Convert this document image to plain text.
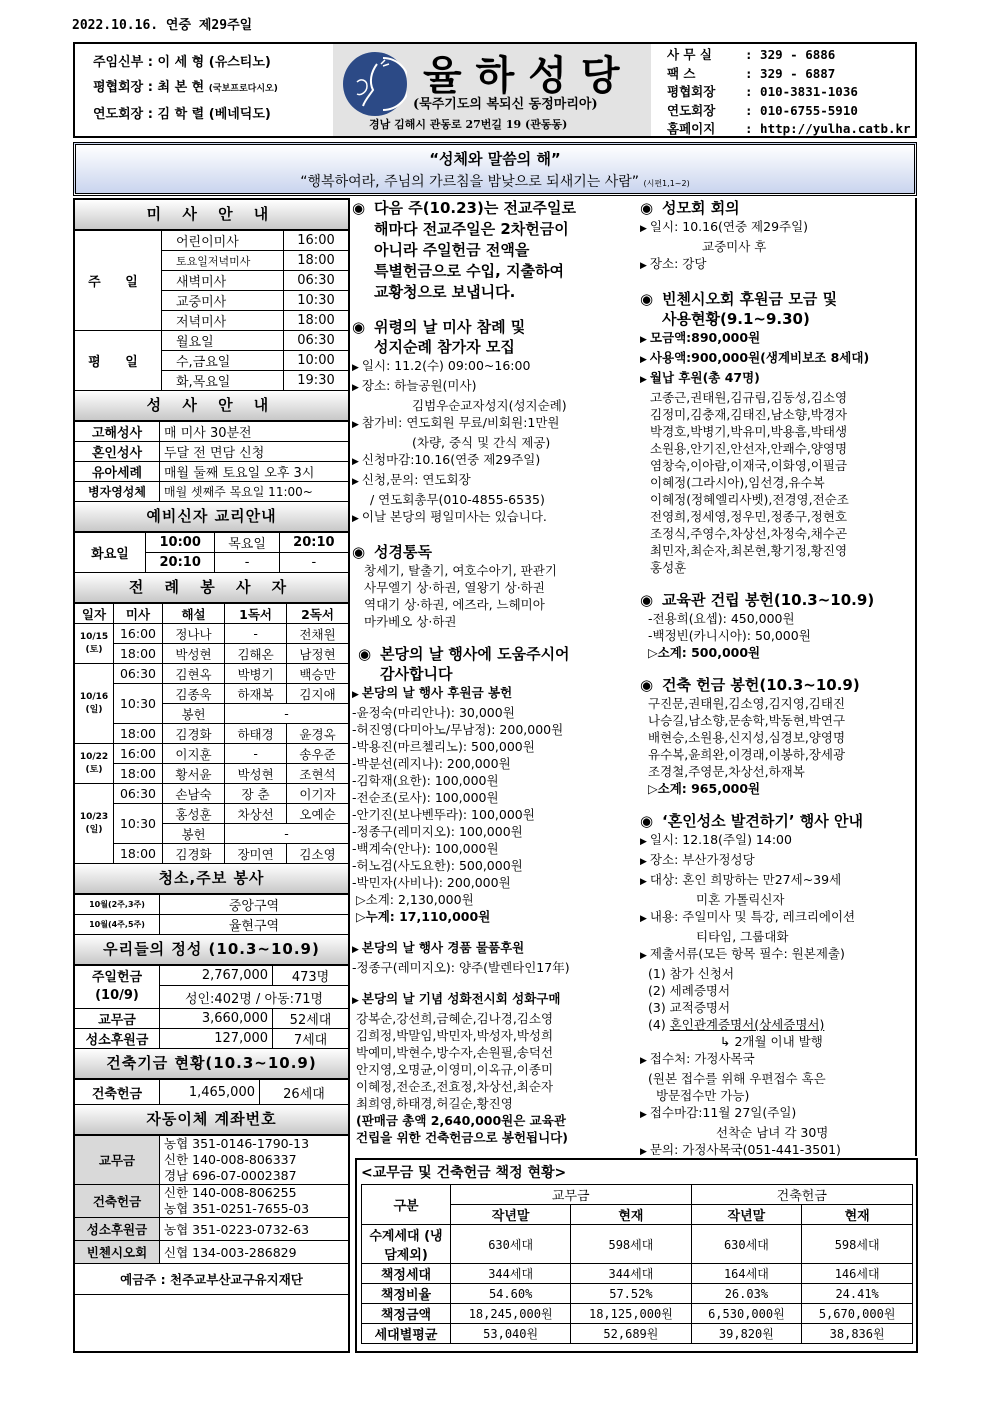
2022.10.16. 연중 제29주일
주임신부 : 이 세 형 (유스티노)
평협회장 : 최 본 현 (국보프로다시오)
연도회장 : 김 학 렬 (베네딕도)
율하성당
(묵주기도의 복되신 동정마리아)
경남 김해시 관동로 27번길 19 (관동동)
사 무 실	: 329 - 6886
팩 스	: 329 - 6887
평협회장	: 010-3831-1036
연도회장	: 010-6755-5910
홈페이지	: http://yulha.catb.kr
“성체와 말씀의 해”
“행복하여라, 주님의 가르침을 밤낮으로 되새기는 사람” (시편1,1~2)
미 사 안 내
주 일	어린이미사	16:00
	토요일저녁미사	18:00
	새벽미사	06:30
	교중미사	10:30
	저녁미사	18:00
평 일	월요일	06:30
	수,금요일	10:00
	화,목요일	19:30
성 사 안 내
고해성사	매 미사 30분전
혼인성사	두달 전 면담 신청
유아세례	매월 둘째 토요일 오후 3시
병자영성체	매월 셋째주 목요일 11:00~
예비신자 교리안내
화요일	10:00	목요일	20:10
	20:10	-	-
전 례 봉 사 자
일자	미사	해설	1독서	2독서
10/15 (토)	16:00	정나나	-	전채원
	18:00	박성현	김해온	남정현
10/16 (일)	06:30	김현옥	박병기	백승만
	10:30	김종욱	하재복	김지애
		봉헌	-	
	18:00	김경화	하태경	윤경옥
10/22 (토)	16:00	이지훈	-	송우준
	18:00	황서윤	박성현	조현석
10/23 (일)	06:30	손남숙	장 춘	이기자
	10:30	홍성훈	차상선	오예순
		봉헌	-	
	18:00	김경화	장미연	김소영
청소,주보 봉사
10월(2주,3주)	중앙구역
10월(4주,5주)	율현구역
우리들의 정성 (10.3~10.9)
주일헌금
(10/9)	2,767,000	473명
	성인:402명 / 아동:71명	
교무금	3,660,000	52세대
성소후원금	127,000	7세대
건축기금 현황(10.3~10.9)
건축헌금	1,465,000	26세대
자동이체 계좌번호
교무금	농협 351-0146-1790-13
신한 140-008-806337
경남 696-07-0002387

건축헌금	신한 140-008-806255
농협 351-0251-7655-03

성소후원금	농협 351-0223-0732-63
빈첸시오회	신협 134-003-286829
예금주 : 천주교부산교구유지재단	
◉ 다음 주(10.23)는 전교주일로
해마다 전교주일은 2차헌금이
아니라 주일헌금 전액을
특별헌금으로 수입, 지출하여
교황청으로 보냅니다.
◉ 위령의 날 미사 참례 및
성지순례 참가자 모집
▶ 일시: 11.2(수) 09:00~16:00
▶ 장소: 하늘공원(미사)
김범우순교자성지(성지순례)
▶ 참가비: 연도회원 무료/비회원:1만원
(차량, 중식 및 간식 제공)
▶ 신청마감:10.16(연중 제29주일)
▶ 신청,문의: 연도회장
/ 연도회총무(010-4855-6535)
▶ 이날 본당의 평일미사는 있습니다.
◉ 성경통독
창세기, 탈출기, 여호수아기, 판관기
사무엘기 상·하권, 열왕기 상·하권
역대기 상·하권, 에즈라, 느헤미아
마카베오 상·하권
◉ 본당의 날 행사에 도움주시어
감사합니다
▶ 본당의 날 행사 후원금 봉헌
-윤정숙(마리안나): 30,000원
-허진영(다미아노/무남정): 200,000원
-박용진(마르첼리노): 500,000원
-박분선(레지나): 200,000원
-김학재(요한): 100,000원
-전순조(로사): 100,000원
-안기진(보나벤뚜라): 100,000원
-정종구(레미지오): 100,000원
-백계숙(안나): 100,000원
-허노검(사도요한): 500,000원
-박민자(사비나): 200,000원
▷소계: 2,130,000원
▷누계: 17,110,000원
▶ 본당의 날 행사 경품 물품후원
-정종구(레미지오): 양주(발렌타인17年)
▶ 본당의 날 기념 성화전시회 성화구매
강복순,강선희,금혜순,김나경,김소영
김희정,박말임,박민자,박성자,박성희
박예미,박현수,방수자,손원필,송덕선
안지영,오명균,이영미,이옥규,이종미
이혜정,전순조,전효정,차상선,최순자
최희영,하태경,허길순,황진영
(판매금 총액 2,640,000원은 교육관
건립을 위한 건축헌금으로 봉헌됩니다)
◉ 성모회 회의
▶ 일시: 10.16(연중 제29주일)
교중미사 후
▶ 장소: 강당
◉ 빈첸시오회 후원금 모금 및
사용현황(9.1~9.30)
▶ 모금액:890,000원
▶ 사용액:900,000원(생계비보조 8세대)
▶ 월납 후원(총 47명)
고종근,권태원,김규림,김동성,김소영
김정미,김충재,김태진,남소향,박경자
박경호,박병기,박유미,박용흠,박태생
소원용,안기진,안선자,안쾌수,양영명
염창숙,이아람,이재국,이화영,이필금
이혜정(그라시아),임선경,유수복
이혜정(정혜엘리사벳),전경영,전순조
전영희,정세영,정우민,정종구,정현호
조정식,주영수,차상선,차정숙,채수곤
최민자,최순자,최본현,황기정,황진영
홍성훈
◉ 교육관 건립 봉헌(10.3~10.9)
-전용희(요셉): 450,000원
-백정빈(카니시아): 50,000원
▷소계: 500,000원
◉ 건축 헌금 봉헌(10.3~10.9)
구진문,권태원,김소영,김지영,김태진
나승길,남소향,문송학,박동현,박연구
배현승,소원용,신지성,심경보,양영명
유수복,윤희완,이경래,이봉하,장세광
조경철,주영문,차상선,하재복
▷소계: 965,000원
◉ ‘혼인성소 발견하기’ 행사 안내
▶ 일시: 12.18(주일) 14:00
▶ 장소: 부산가정성당
▶ 대상: 혼인 희망하는 만27세~39세
미혼 가톨릭신자
▶ 내용: 주일미사 및 특강, 레크리에이션
티타임, 그룹대화
▶ 제출서류(모든 항목 필수: 원본제출)
(1) 참가 신청서
(2) 세례증명서
(3) 교적증명서
(4) 혼인관계증명서(상세증명서)
↳ 2개월 이내 발행
▶ 접수처: 가정사목국
(원본 접수를 위해 우편접수 혹은
방문접수만 가능)
▶ 접수마감:11월 27일(주일)
선착순 남녀 각 30명
▶ 문의: 가정사목국(051-441-3501)
<교무금 및 건축헌금 책정 현황>
구분	교무금		건축헌금	
	작년말	현재	작년말	현재
수계세대 (냉담제외)	630세대	598세대	630세대	598세대
책정세대	344세대	344세대	164세대	146세대
책정비율	54.60%	57.52%	26.03%	24.41%
책정금액	18,245,000원	18,125,000원	6,530,000원	5,670,000원
세대별평균	53,040원	52,689원	39,820원	38,836원
